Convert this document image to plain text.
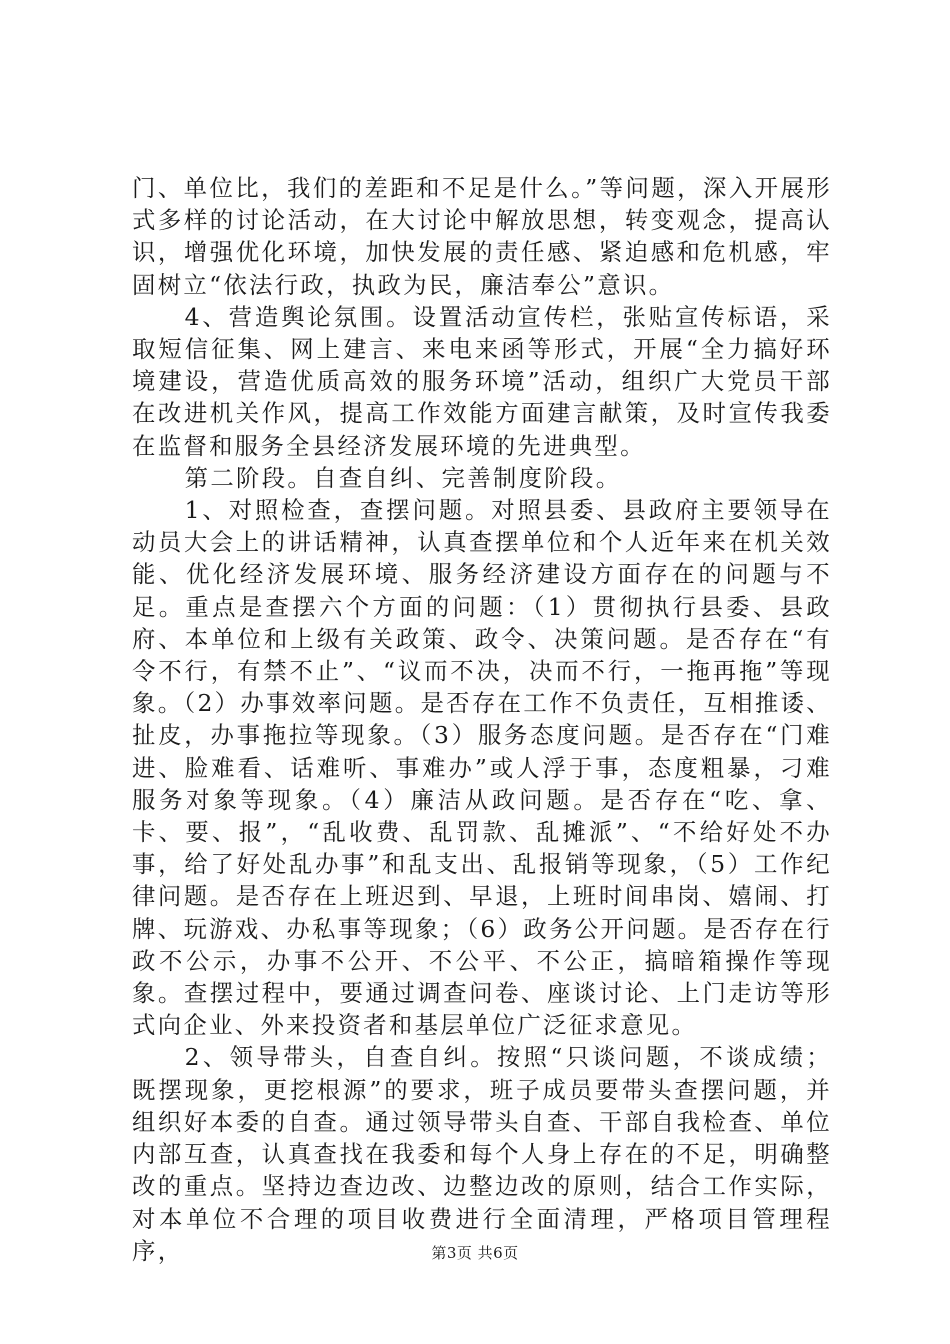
门、单位比，我们的差距和不足是什么。”等问题，深入开展形式多样的讨论活动，在大讨论中解放思想，转变观念，提高认识，增强优化环境，加快发展的责任感、紧迫感和危机感，牢固树立“依法行政，执政为民，廉洁奉公”意识。

4、营造舆论氛围。设置活动宣传栏，张贴宣传标语，采取短信征集、网上建言、来电来函等形式，开展“全力搞好环境建设，营造优质高效的服务环境”活动，组织广大党员干部在改进机关作风，提高工作效能方面建言献策，及时宣传我委在监督和服务全县经济发展环境的先进典型。

第二阶段。自查自纠、完善制度阶段。

1、对照检查，查摆问题。对照县委、县政府主要领导在动员大会上的讲话精神，认真查摆单位和个人近年来在机关效能、优化经济发展环境、服务经济建设方面存在的问题与不足。重点是查摆六个方面的问题：（1）贯彻执行县委、县政府、本单位和上级有关政策、政令、决策问题。是否存在“有令不行，有禁不止”、“议而不决，决而不行，一拖再拖”等现象。（2）办事效率问题。是否存在工作不负责任，互相推诿、扯皮，办事拖拉等现象。（3）服务态度问题。是否存在“门难进、脸难看、话难听、事难办”或人浮于事，态度粗暴，刁难服务对象等现象。（4）廉洁从政问题。是否存在“吃、拿、卡、要、报”，“乱收费、乱罚款、乱摊派”、“不给好处不办事，给了好处乱办事”和乱支出、乱报销等现象，（5）工作纪律问题。是否存在上班迟到、早退，上班时间串岗、嬉闹、打牌、玩游戏、办私事等现象；（6）政务公开问题。是否存在行政不公示，办事不公开、不公平、不公正，搞暗箱操作等现象。查摆过程中，要通过调查问卷、座谈讨论、上门走访等形式向企业、外来投资者和基层单位广泛征求意见。

2、领导带头，自查自纠。按照“只谈问题，不谈成绩；既摆现象，更挖根源”的要求，班子成员要带头查摆问题，并组织好本委的自查。通过领导带头自查、干部自我检查、单位内部互查，认真查找在我委和每个人身上存在的不足，明确整改的重点。坚持边查边改、边整边改的原则，结合工作实际，对本单位不合理的项目收费进行全面清理，严格项目管理程序，	第3页 共6页
